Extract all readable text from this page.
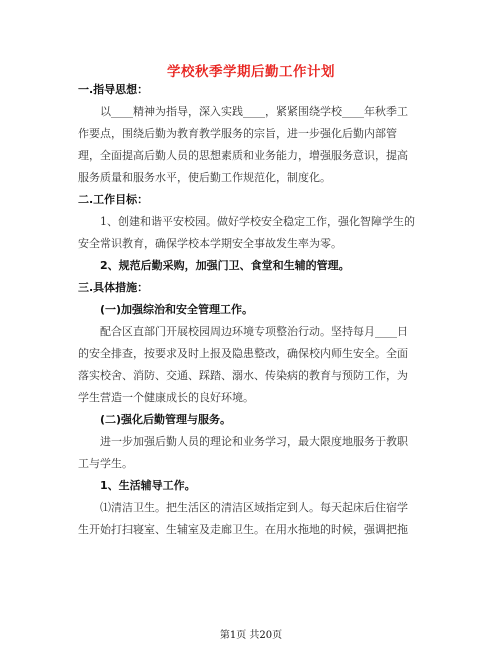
学校秋季学期后勤工作计划
一.指导思想：
　　以____精神为指导，深入实践____，紧紧围绕学校____年秋季工
作要点，围绕后勤为教育教学服务的宗旨，进一步强化后勤内部管
理，全面提高后勤人员的思想素质和业务能力，增强服务意识，提高
服务质量和服务水平，使后勤工作规范化，制度化。
二.工作目标：
　　1、创建和谐平安校园。做好学校安全稳定工作，强化智障学生的
安全常识教育，确保学校本学期安全事故发生率为零。
　　2、规范后勤采购，加强门卫、食堂和生辅的管理。
三.具体措施：
　　(一)加强综治和安全管理工作。
　　配合区直部门开展校园周边环境专项整治行动。坚持每月____日
的安全排查，按要求及时上报及隐患整改，确保校内师生安全。全面
落实校舍、消防、交通、踩踏、溺水、传染病的教育与预防工作，为
学生营造一个健康成长的良好环境。
　　(二)强化后勤管理与服务。
　　进一步加强后勤人员的理论和业务学习，最大限度地服务于教职
工与学生。
　　1、生活辅导工作。
　　⑴清洁卫生。把生活区的清洁区域指定到人。每天起床后住宿学
生开始打扫寝室、生辅室及走廊卫生。在用水拖地的时候，强调把拖
第1页 共20页
